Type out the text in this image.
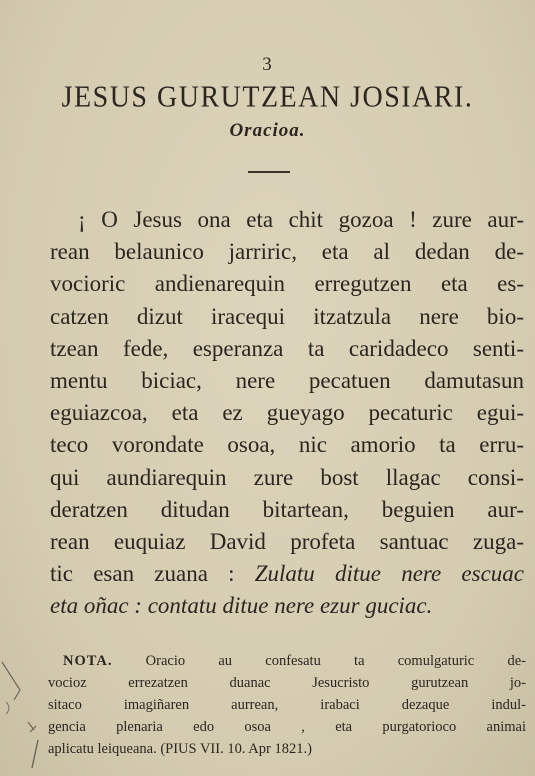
3
JESUS GURUTZEAN JOSIARI.
Oracioa.
¡ O Jesus ona eta chit gozoa ! zure aur-
rean belaunico jarriric, eta al dedan de-
vocioric andienarequin erregutzen eta es-
catzen dizut iracequi itzatzula nere bio-
tzean fede, esperanza ta caridadeco senti-
mentu biciac, nere pecatuen damutasun
eguiazcoa, eta ez gueyago pecaturic egui-
teco vorondate osoa, nic amorio ta erru-
qui aundiarequin zure bost llagac consi-
deratzen ditudan bitartean, beguien aur-
rean euquiaz David profeta santuac zuga-
tic esan zuana : Zulatu ditue nere escuac
eta oñac : contatu ditue nere ezur guciac.
NOTA. Oracio au confesatu ta comulgaturic de-
vocioz errezatzen duanac Jesucristo gurutzean jo-
sitaco imagiñaren aurrean, irabaci dezaque indul-
gencia plenaria edo osoa , eta purgatorioco animai
aplicatu leiqueana. (PIUS VII. 10. Apr 1821.)
